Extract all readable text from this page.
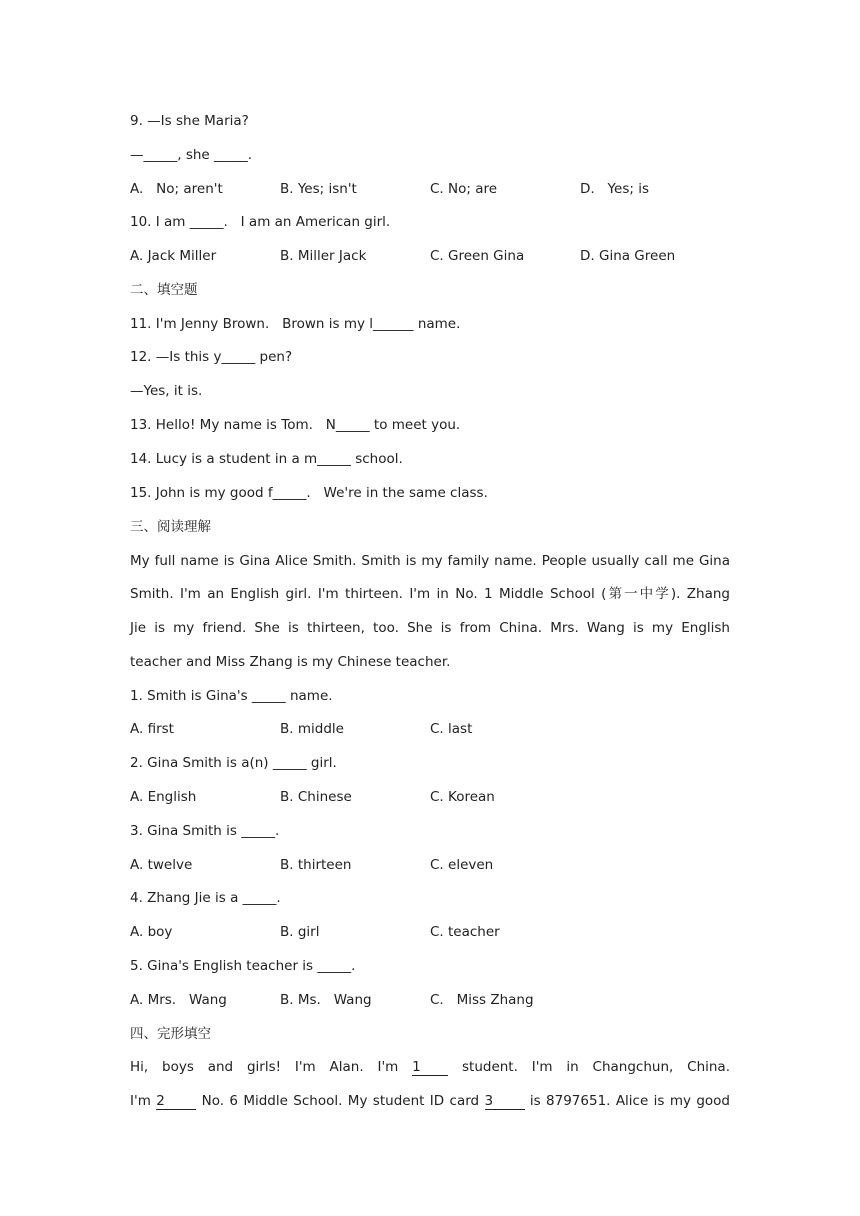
9. —Is she Maria?
—_____, she _____.
A.   No; aren't	B. Yes; isn't	C. No; are	D.   Yes; is
10. I am _____.   I am an American girl.
A. Jack Miller	B. Miller Jack	C. Green Gina	D. Gina Green
二、填空题
11. I'm Jenny Brown.   Brown is my l______ name.
12. —Is this y_____ pen?
—Yes, it is.
13. Hello! My name is Tom.   N_____ to meet you.
14. Lucy is a student in a m_____ school.
15. John is my good f_____.   We're in the same class.
三、阅读理解
My full name is Gina Alice Smith. Smith is my family name. People usually call me Gina
Smith. I'm an English girl. I'm thirteen. I'm in No. 1 Middle School (第一中学). Zhang
Jie is my friend. She is thirteen, too. She is from China. Mrs. Wang is my English
teacher and Miss Zhang is my Chinese teacher.
1. Smith is Gina's _____ name.
A. first	B. middle	C. last
2. Gina Smith is a(n) _____ girl.
A. English	B. Chinese	C. Korean
3. Gina Smith is _____.
A. twelve	B. thirteen	C. eleven
4. Zhang Jie is a _____.
A. boy	B. girl	C. teacher
5. Gina's English teacher is _____.
A. Mrs.   Wang	B. Ms.   Wang	C.   Miss Zhang
四、完形填空
Hi, boys and girls! I'm Alan. I'm 1 student. I'm in Changchun, China.
I'm 2 No. 6 Middle School. My student ID card 3 is 8797651. Alice is my good
